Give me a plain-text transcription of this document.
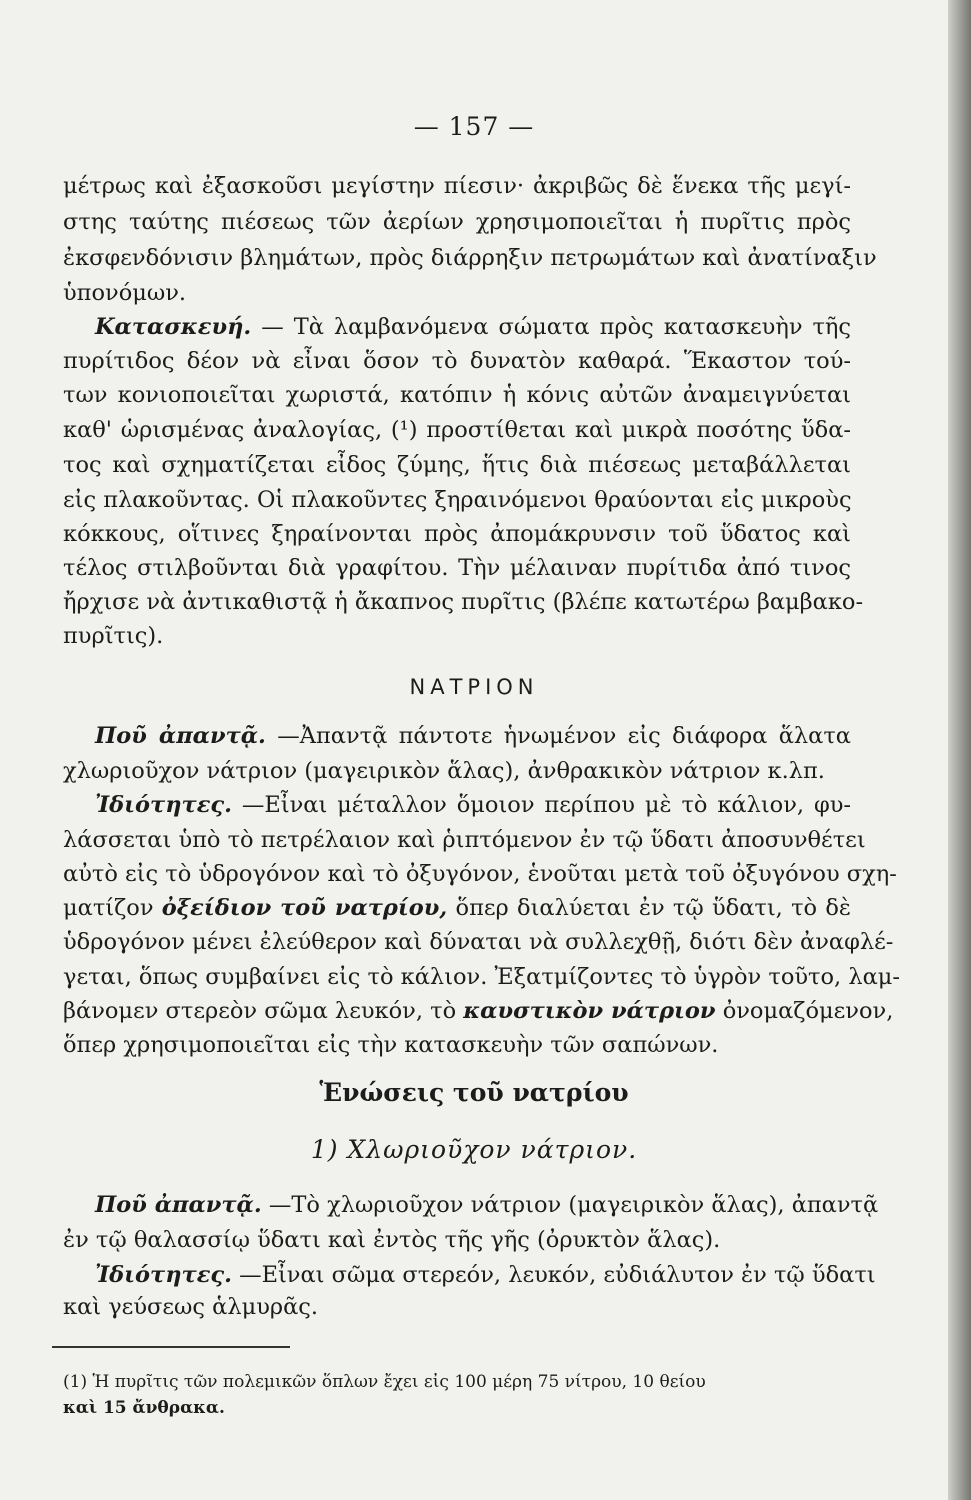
— 157 —
μέτρως καὶ ἐξασκοῦσι μεγίστην πίεσιν· ἀκριβῶς δὲ ἕνεκα τῆς μεγί-
στης ταύτης πιέσεως τῶν ἀερίων χρησιμοποιεῖται ἡ πυρῖτις πρὸς
ἐκσφενδόνισιν βλημάτων, πρὸς διάρρηξιν πετρωμάτων καὶ ἀνατίναξιν
ὑπονόμων.
Κατασκευή. — Τὰ λαμβανόμενα σώματα πρὸς κατασκευὴν τῆς
πυρίτιδος δέον νὰ εἶναι ὅσον τὸ δυνατὸν καθαρά. Ἕκαστον τού-
των κονιοποιεῖται χωριστά, κατόπιν ἡ κόνις αὐτῶν ἀναμειγνύεται
καθ' ὡρισμένας ἀναλογίας, (¹) προστίθεται καὶ μικρὰ ποσότης ὕδα-
τος καὶ σχηματίζεται εἶδος ζύμης, ἥτις διὰ πιέσεως μεταβάλλεται
εἰς πλακοῦντας. Οἱ πλακοῦντες ξηραινόμενοι θραύονται εἰς μικροὺς
κόκκους, οἵτινες ξηραίνονται πρὸς ἀπομάκρυνσιν τοῦ ὕδατος καὶ
τέλος στιλβοῦνται διὰ γραφίτου. Τὴν μέλαιναν πυρίτιδα ἀπό τινος
ἤρχισε νὰ ἀντικαθιστᾷ ἡ ἄκαπνος πυρῖτις (βλέπε κατωτέρω βαμβακο-
πυρῖτις).
ΝΑΤΡΙΟΝ
Ποῦ ἀπαντᾷ. —Ἀπαντᾷ πάντοτε ἡνωμένον εἰς διάφορα ἅλατα
χλωριοῦχον νάτριον (μαγειρικὸν ἅλας), ἀνθρακικὸν νάτριον κ.λπ.
Ἰδιότητες. —Εἶναι μέταλλον ὅμοιον περίπου μὲ τὸ κάλιον, φυ-
λάσσεται ὑπὸ τὸ πετρέλαιον καὶ ῥιπτόμενον ἐν τῷ ὕδατι ἀποσυνθέτει
αὐτὸ εἰς τὸ ὑδρογόνον καὶ τὸ ὀξυγόνον, ἑνοῦται μετὰ τοῦ ὀξυγόνου σχη-
ματίζον ὀξείδιον τοῦ νατρίου, ὅπερ διαλύεται ἐν τῷ ὕδατι, τὸ δὲ
ὑδρογόνον μένει ἐλεύθερον καὶ δύναται νὰ συλλεχθῇ, διότι δὲν ἀναφλέ-
γεται, ὅπως συμβαίνει εἰς τὸ κάλιον. Ἐξατμίζοντες τὸ ὑγρὸν τοῦτο, λαμ-
βάνομεν στερεὸν σῶμα λευκόν, τὸ καυστικὸν νάτριον ὀνομαζόμενον,
ὅπερ χρησιμοποιεῖται εἰς τὴν κατασκευὴν τῶν σαπώνων.
Ἑνώσεις τοῦ νατρίου
1) Χλωριοῦχον νάτριον.
Ποῦ ἀπαντᾷ. —Τὸ χλωριοῦχον νάτριον (μαγειρικὸν ἅλας), ἀπαντᾷ
ἐν τῷ θαλασσίῳ ὕδατι καὶ ἐντὸς τῆς γῆς (ὀρυκτὸν ἅλας).
Ἰδιότητες. —Εἶναι σῶμα στερεόν, λευκόν, εὐδιάλυτον ἐν τῷ ὕδατι
καὶ γεύσεως ἁλμυρᾶς.
(1) Ἡ πυρῖτις τῶν πολεμικῶν ὅπλων ἔχει εἰς 100 μέρη 75 νίτρου, 10 θείου
καὶ 15 ἄνθρακα.
